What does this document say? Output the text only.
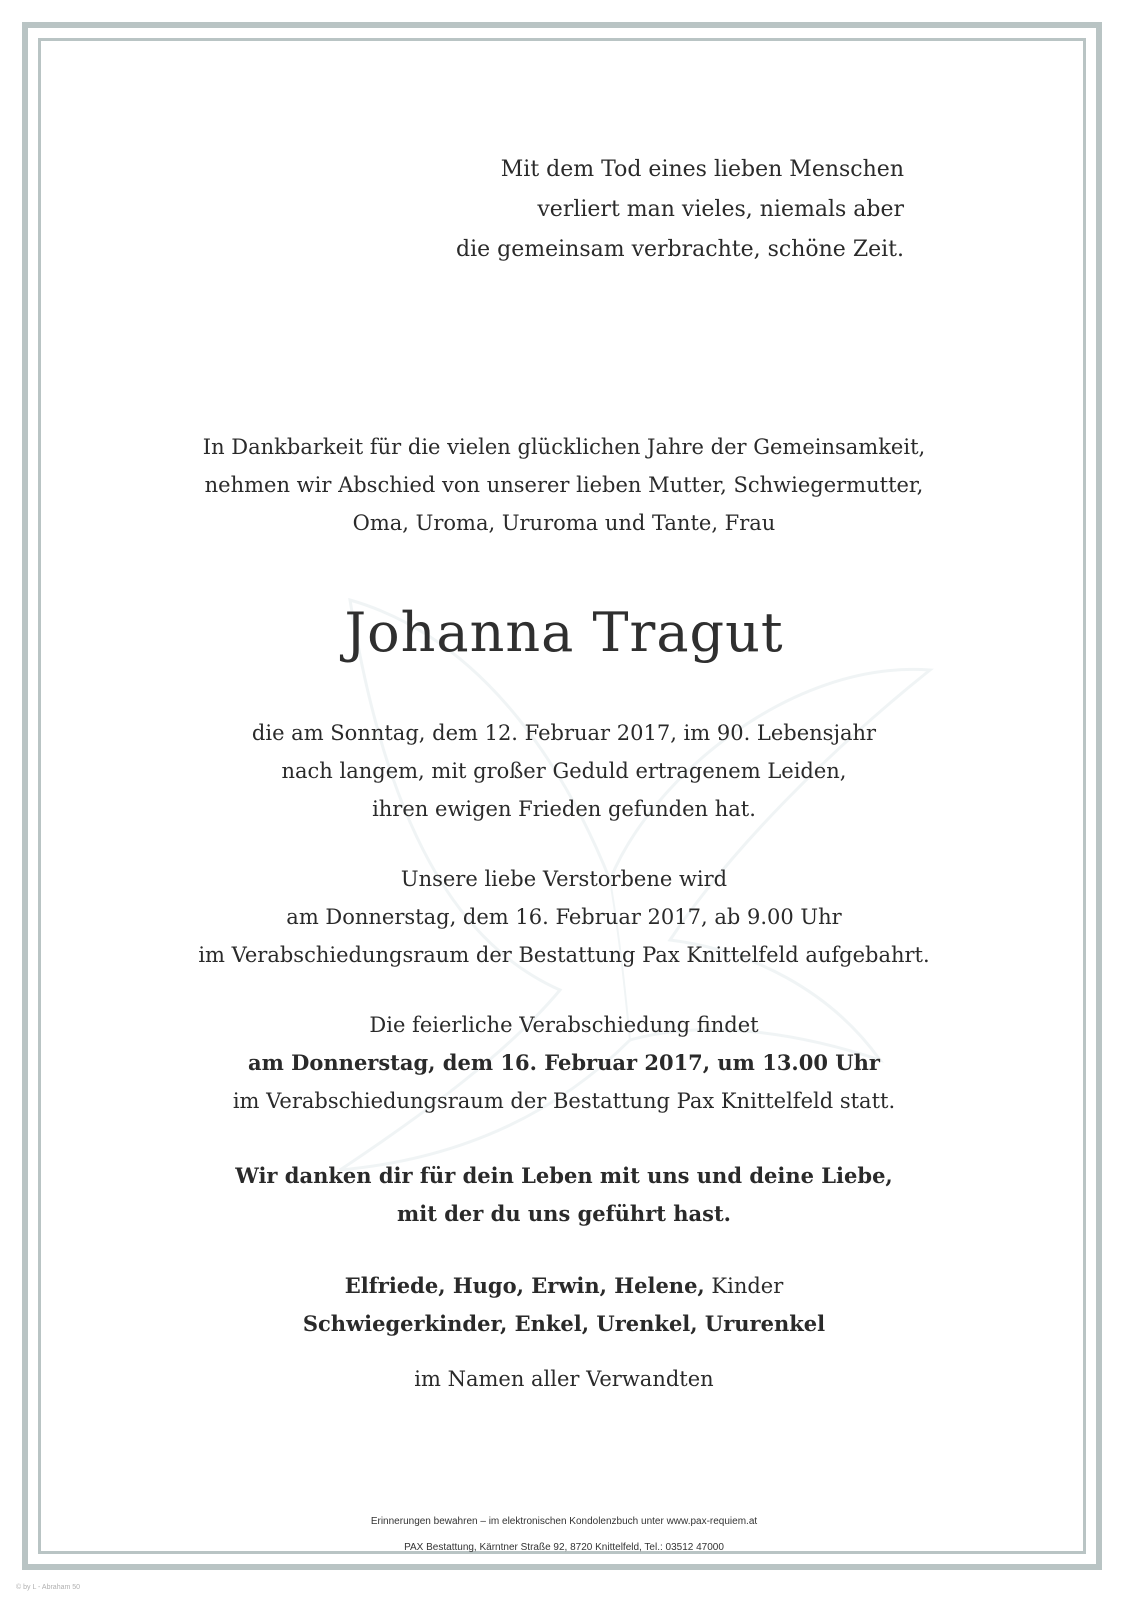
Mit dem Tod eines lieben Menschen
verliert man vieles, niemals aber
die gemeinsam verbrachte, schöne Zeit.
In Dankbarkeit für die vielen glücklichen Jahre der Gemeinsamkeit,
nehmen wir Abschied von unserer lieben Mutter, Schwiegermutter,
Oma, Uroma, Ururoma und Tante, Frau
Johanna Tragut
die am Sonntag, dem 12. Februar 2017, im 90. Lebensjahr
nach langem, mit großer Geduld ertragenem Leiden,
ihren ewigen Frieden gefunden hat.
Unsere liebe Verstorbene wird
am Donnerstag, dem 16. Februar 2017, ab 9.00 Uhr
im Verabschiedungsraum der Bestattung Pax Knittelfeld aufgebahrt.
Die feierliche Verabschiedung findet
am Donnerstag, dem 16. Februar 2017, um 13.00 Uhr
im Verabschiedungsraum der Bestattung Pax Knittelfeld statt.
Wir danken dir für dein Leben mit uns und deine Liebe,
mit der du uns geführt hast.
Elfriede, Hugo, Erwin, Helene, Kinder
Schwiegerkinder, Enkel, Urenkel, Ururenkel
im Namen aller Verwandten
Erinnerungen bewahren – im elektronischen Kondolenzbuch unter www.pax-requiem.at
PAX Bestattung, Kärntner Straße 92, 8720 Knittelfeld, Tel.: 03512 47000
© by L - Abraham 50
